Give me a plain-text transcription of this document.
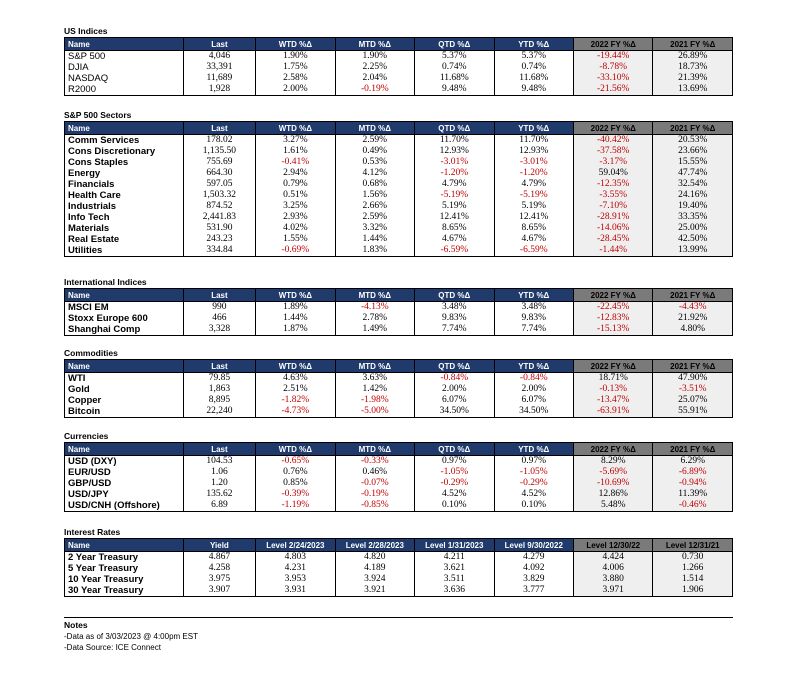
US Indices
Name	Last	WTD %Δ	MTD %Δ	QTD %Δ	YTD %Δ	2022 FY %Δ	2021 FY %Δ
S&P 500	4,046	1.90%	1.90%	5.37%	5.37%	-19.44%	26.89%
DJIA	33,391	1.75%	2.25%	0.74%	0.74%	-8.78%	18.73%
NASDAQ	11,689	2.58%	2.04%	11.68%	11.68%	-33.10%	21.39%
R2000	1,928	2.00%	-0.19%	9.48%	9.48%	-21.56%	13.69%
S&P 500 Sectors
Name	Last	WTD %Δ	MTD %Δ	QTD %Δ	YTD %Δ	2022 FY %Δ	2021 FY %Δ
Comm Services	178.02	3.27%	2.59%	11.70%	11.70%	-40.42%	20.53%
Cons Discretionary	1,135.50	1.61%	0.49%	12.93%	12.93%	-37.58%	23.66%
Cons Staples	755.69	-0.41%	0.53%	-3.01%	-3.01%	-3.17%	15.55%
Energy	664.30	2.94%	4.12%	-1.20%	-1.20%	59.04%	47.74%
Financials	597.05	0.79%	0.68%	4.79%	4.79%	-12.35%	32.54%
Health Care	1,503.32	0.51%	1.56%	-5.19%	-5.19%	-3.55%	24.16%
Industrials	874.52	3.25%	2.66%	5.19%	5.19%	-7.10%	19.40%
Info Tech	2,441.83	2.93%	2.59%	12.41%	12.41%	-28.91%	33.35%
Materials	531.90	4.02%	3.32%	8.65%	8.65%	-14.06%	25.00%
Real Estate	243.23	1.55%	1.44%	4.67%	4.67%	-28.45%	42.50%
Utilities	334.84	-0.69%	1.83%	-6.59%	-6.59%	-1.44%	13.99%
International Indices
Name	Last	WTD %Δ	MTD %Δ	QTD %Δ	YTD %Δ	2022 FY %Δ	2021 FY %Δ
MSCI EM	990	1.89%	-4.13%	3.48%	3.48%	-22.45%	-4.43%
Stoxx Europe 600	466	1.44%	2.78%	9.83%	9.83%	-12.83%	21.92%
Shanghai Comp	3,328	1.87%	1.49%	7.74%	7.74%	-15.13%	4.80%
Commodities
Name	Last	WTD %Δ	MTD %Δ	QTD %Δ	YTD %Δ	2022 FY %Δ	2021 FY %Δ
WTI	79.85	4.63%	3.63%	-0.84%	-0.84%	18.71%	47.90%
Gold	1,863	2.51%	1.42%	2.00%	2.00%	-0.13%	-3.51%
Copper	8,895	-1.82%	-1.98%	6.07%	6.07%	-13.47%	25.07%
Bitcoin	22,240	-4.73%	-5.00%	34.50%	34.50%	-63.91%	55.91%
Currencies
Name	Last	WTD %Δ	MTD %Δ	QTD %Δ	YTD %Δ	2022 FY %Δ	2021 FY %Δ
USD (DXY)	104.53	-0.65%	-0.33%	0.97%	0.97%	8.29%	6.29%
EUR/USD	1.06	0.76%	0.46%	-1.05%	-1.05%	-5.69%	-6.89%
GBP/USD	1.20	0.85%	-0.07%	-0.29%	-0.29%	-10.69%	-0.94%
USD/JPY	135.62	-0.39%	-0.19%	4.52%	4.52%	12.86%	11.39%
USD/CNH (Offshore)	6.89	-1.19%	-0.85%	0.10%	0.10%	5.48%	-0.46%
Interest Rates
Name	Yield	Level 2/24/2023	Level 2/28/2023	Level 1/31/2023	Level 9/30/2022	Level 12/30/22	Level 12/31/21
2 Year Treasury	4.867	4.803	4.820	4.211	4.279	4.424	0.730
5 Year Treasury	4.258	4.231	4.189	3.621	4.092	4.006	1.266
10 Year Treasury	3.975	3.953	3.924	3.511	3.829	3.880	1.514
30 Year Treasury	3.907	3.931	3.921	3.636	3.777	3.971	1.906
Notes
-Data as of 3/03/2023 @ 4:00pm EST
-Data Source: ICE Connect
